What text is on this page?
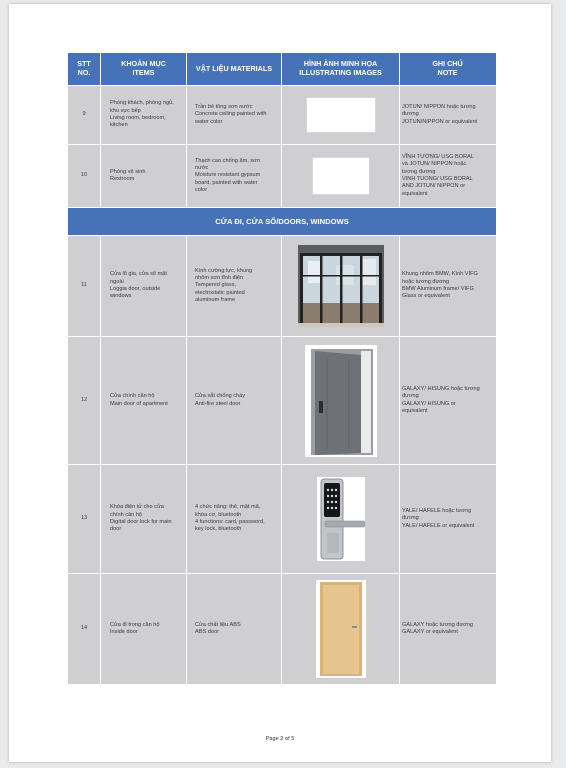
STT
NO.
KHOẢN MỤC
ITEMS	VẬT LIỆU MATERIALS	HÌNH ẢNH MINH HỌA
ILLUSTRATING IMAGES
GHI CHÚ
NOTE
9
Phòng khách, phòng ngủ,
khu vực bếp
Living room, bedroom,
kitchen
Trần bê tông sơn nước
Concrete ceiling painted with
water color
JOTUN/ NIPPON hoặc tương
đương
JOTUN/NIPPON or equivalent
10
Phòng vệ sinh
Restroom
Thạch cao chống ẩm, sơn
nước
Moisture resistant gypsum
board, painted with water
color
VĨNH TƯỜNG/ USG BORAL
và JOTUN/ NIPPON hoặc
tương đương
VINH TUONG/ USG BORAL
AND JOTUN/ NIPPON or
equivalent
CỬA ĐI, CỬA SỔ/DOORS, WINDOWS
11
Cửa lô gia, cửa sổ mặt
ngoài
Loggia door, outside
windows
Kính cường lực, khung
nhôm sơn tĩnh điện
Tempered glass,
electrostatic painted
aluminum frame
Khung nhôm BMW, Kính VIFG
hoặc tương đương
BMW Aluminum frame/ VIFG
Glass or equivalent
12
Cửa chính căn hộ
Main door of apartment
Cửa sắt chống cháy
Anti-fire steel door
GALAXY/ HISUNG hoặc tương
đương
GALAXY/ HISUNG or
equivalent
13
Khóa điện tử cho cửa
chính căn hộ
Digital door lock for main
door
4 chức năng: thẻ, mật mã,
khóa cơ, bluetooth
4 functions: card, password,
key lock, bluetooth
YALE/ HAFELE hoặc tương
đương
YALE/ HAFELE or equivalent
14
Cửa đi trong căn hộ
Inside door
Cửa chất liệu ABS
ABS door
GALAXY hoặc tương đương
GALAXY or equivalent
Page 2 of 5
